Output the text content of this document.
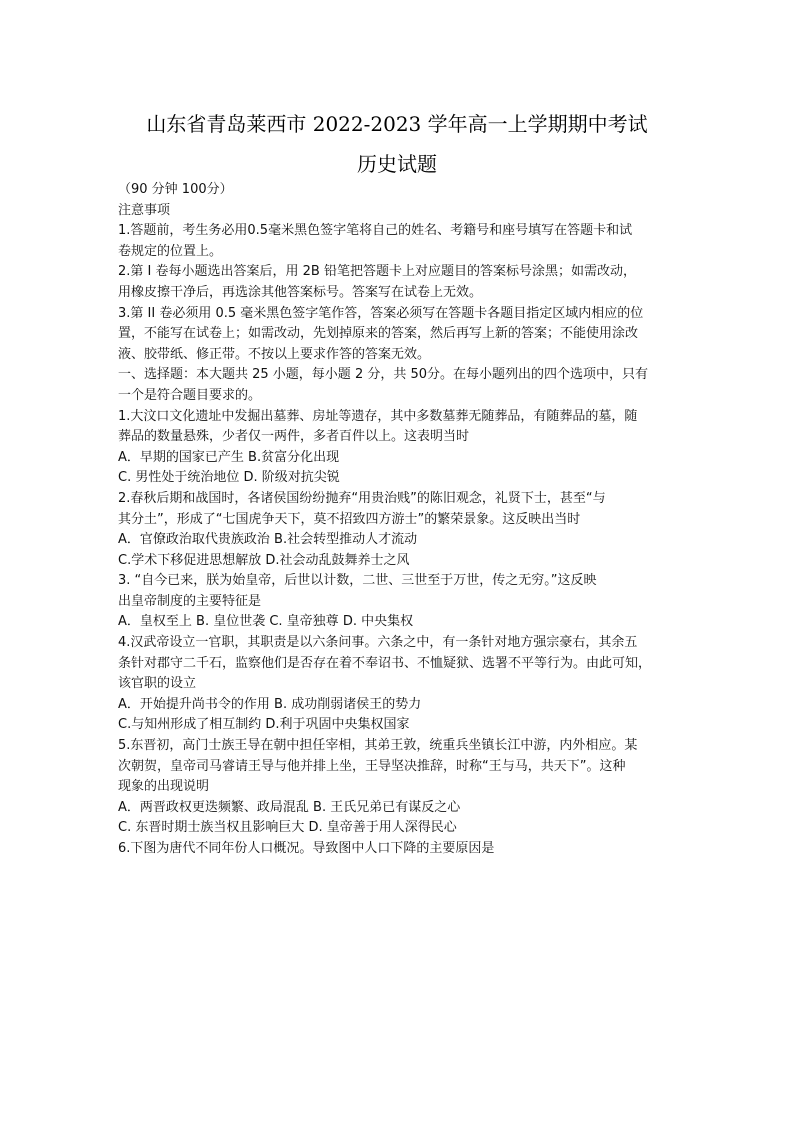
山东省青岛莱西市 2022-2023 学年高一上学期期中考试
历史试题
（90 分钟 100分）
注意事项
1.答题前，考生务必用0.5毫米黑色签字笔将自己的姓名、考籍号和座号填写在答题卡和试
卷规定的位置上。
2.第 I 卷每小题选出答案后，用 2B 铅笔把答题卡上对应题目的答案标号涂黑；如需改动，
用橡皮擦干净后，再选涂其他答案标号。答案写在试卷上无效。
3.第 II 卷必须用 0.5 毫米黑色签字笔作答，答案必须写在答题卡各题目指定区域内相应的位
置，不能写在试卷上；如需改动，先划掉原来的答案，然后再写上新的答案；不能使用涂改
液、胶带纸、修正带。不按以上要求作答的答案无效。
一、选择题：本大题共 25 小题，每小题 2 分，共 50分。在每小题列出的四个选项中，只有
一个是符合题目要求的。
1.大汶口文化遗址中发掘出墓葬、房址等遗存，其中多数墓葬无随葬品，有随葬品的墓，随
葬品的数量悬殊，少者仅一两件，多者百件以上。这表明当时
A．早期的国家已产生 B.贫富分化出现
C. 男性处于统治地位 D. 阶级对抗尖锐
2.春秋后期和战国时，各诸侯国纷纷抛弃“用贵治贱”的陈旧观念，礼贤下士，甚至“与
其分土”，形成了“七国虎争天下，莫不招致四方游士”的繁荣景象。这反映出当时
A．官僚政治取代贵族政治 B.社会转型推动人才流动
C.学术下移促进思想解放 D.社会动乱鼓舞养士之风
3. “自今已来，朕为始皇帝，后世以计数，二世、三世至于万世，传之无穷。”这反映
出皇帝制度的主要特征是
A．皇权至上 B. 皇位世袭 C. 皇帝独尊 D. 中央集权
4.汉武帝设立一官职，其职责是以六条问事。六条之中，有一条针对地方强宗豪右，其余五
条针对郡守二千石，监察他们是否存在着不奉诏书、不恤疑狱、选署不平等行为。由此可知，
该官职的设立
A．开始提升尚书令的作用 B. 成功削弱诸侯王的势力
C.与知州形成了相互制约 D.利于巩固中央集权国家
5.东晋初，高门士族王导在朝中担任宰相，其弟王敦，统重兵坐镇长江中游，内外相应。某
次朝贺，皇帝司马睿请王导与他并排上坐，王导坚决推辞，时称“王与马，共天下”。这种
现象的出现说明
A．两晋政权更迭频繁、政局混乱 B. 王氏兄弟已有谋反之心
C. 东晋时期士族当权且影响巨大 D. 皇帝善于用人深得民心
6.下图为唐代不同年份人口概况。导致图中人口下降的主要原因是
